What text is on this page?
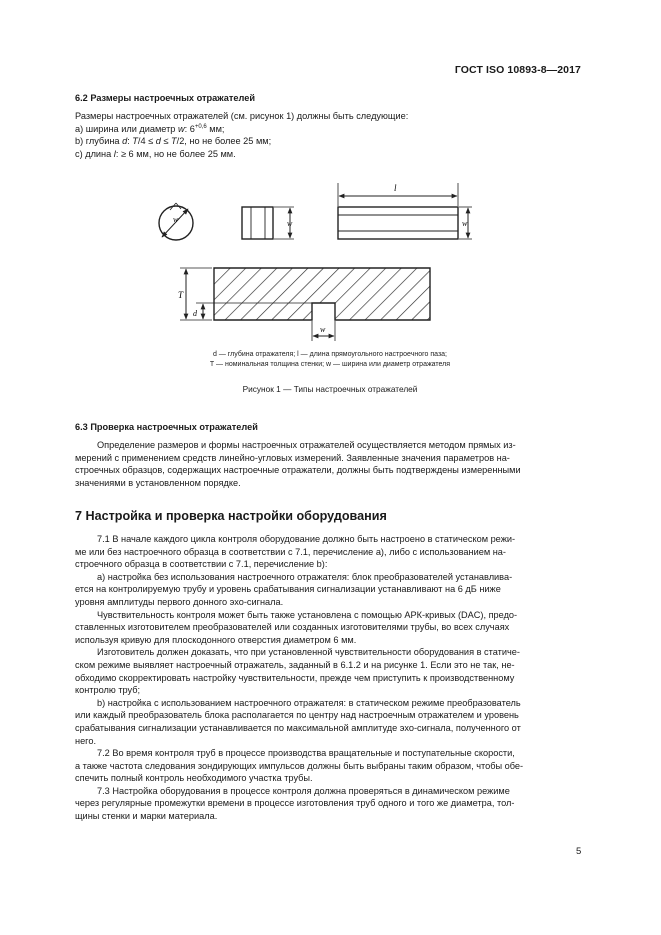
ГОСТ ISO 10893-8—2017
6.2 Размеры настроечных отражателей
Размеры настроечных отражателей (см. рисунок 1) должны быть следующие:
а) ширина или диаметр w: $6^{+0,6}$ мм;
b) глубина d: T/4 ≤ d ≤ T/2, но не более 25 мм;
с) длина l: ≥ 6 мм, но не более 25 мм.
w	w
l
w
T
d
w
d — глубина отражателя; l — длина прямоугольного настроечного паза;
T — номинальная толщина стенки; w — ширина или диаметр отражателя
Рисунок 1 — Типы настроечных отражателей
6.3 Проверка настроечных отражателей
Определение размеров и формы настроечных отражателей осуществляется методом прямых из-
мерений с применением средств линейно-угловых измерений. Заявленные значения параметров на-
строечных образцов, содержащих настроечные отражатели, должны быть подтверждены измеренными
значениями в установленном порядке.
7 Настройка и проверка настройки оборудования
7.1 В начале каждого цикла контроля оборудование должно быть настроено в статическом режи-
ме или без настроечного образца в соответствии с 7.1, перечисление а), либо с использованием на-
строечного образца в соответствии с 7.1, перечисление b):
а) настройка без использования настроечного отражателя: блок преобразователей устанавлива-
ется на контролируемую трубу и уровень срабатывания сигнализации устанавливают на 6 дБ ниже
уровня амплитуды первого донного эхо-сигнала.
Чувствительность контроля может быть также установлена с помощью АРК-кривых (DAC), предо-
ставленных изготовителем преобразователей или созданных изготовителями трубы, во всех случаях
используя кривую для плоскодонного отверстия диаметром 6 мм.
Изготовитель должен доказать, что при установленной чувствительности оборудования в статиче-
ском режиме выявляет настроечный отражатель, заданный в 6.1.2 и на рисунке 1. Если это не так, не-
обходимо скорректировать настройку чувствительности, прежде чем приступить к производственному
контролю труб;
b) настройка с использованием настроечного отражателя: в статическом режиме преобразователь
или каждый преобразователь блока располагается по центру над настроечным отражателем и уровень
срабатывания сигнализации устанавливается по максимальной амплитуде эхо-сигнала, полученного от
него.
7.2 Во время контроля труб в процессе производства вращательные и поступательные скорости,
а также частота следования зондирующих импульсов должны быть выбраны таким образом, чтобы обе-
спечить полный контроль необходимого участка трубы.
7.3 Настройка оборудования в процессе контроля должна проверяться в динамическом режиме
через регулярные промежутки времени в процессе изготовления труб одного и того же диаметра, тол-
щины стенки и марки материала.
5
